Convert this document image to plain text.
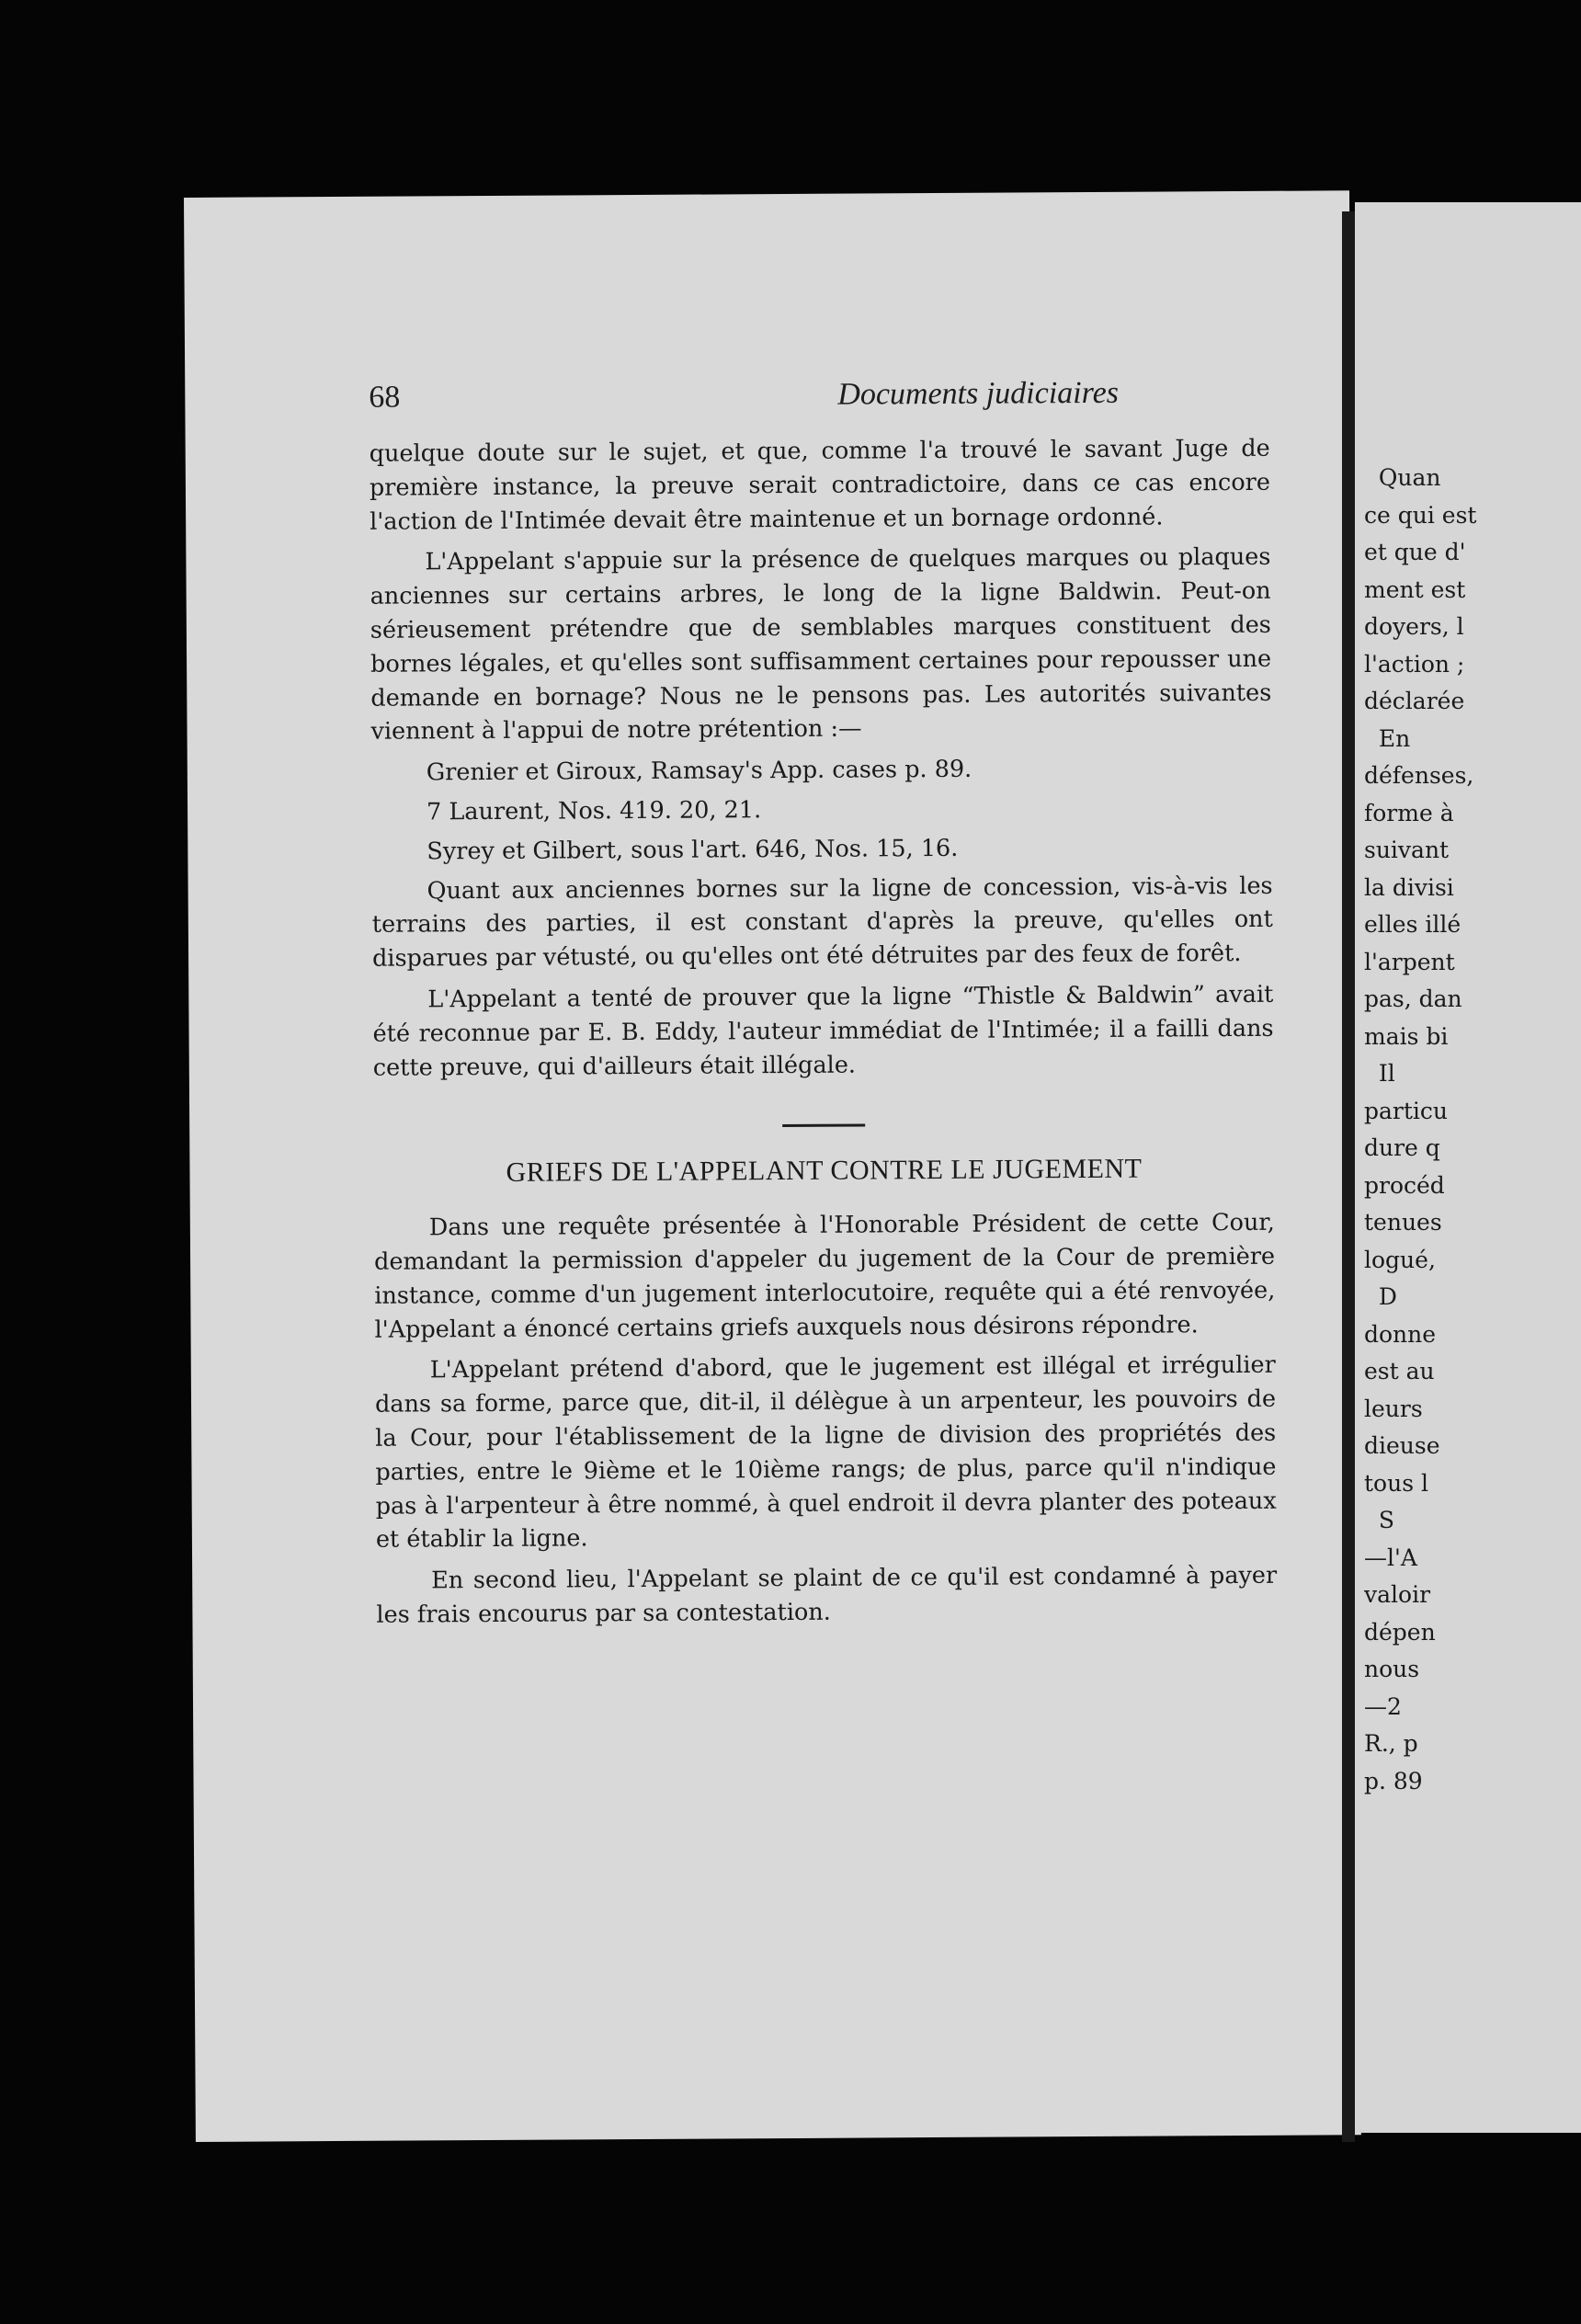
68	Documents judiciaires

quelque doute sur le sujet, et que, comme l'a trouvé le savant Juge de première instance, la preuve serait contradictoire, dans ce cas encore l'action de l'Intimée devait être maintenue et un bornage ordonné.

L'Appelant s'appuie sur la présence de quelques marques ou plaques anciennes sur certains arbres, le long de la ligne Baldwin. Peut-on sérieusement prétendre que de semblables marques constituent des bornes légales, et qu'elles sont suffisamment certaines pour repousser une demande en bornage? Nous ne le pensons pas. Les autorités suivantes viennent à l'appui de notre prétention :—

Grenier et Giroux, Ramsay's App. cases p. 89.

7 Laurent, Nos. 419. 20, 21.

Syrey et Gilbert, sous l'art. 646, Nos. 15, 16.

Quant aux anciennes bornes sur la ligne de concession, vis-à-vis les terrains des parties, il est constant d'après la preuve, qu'elles ont disparues par vétusté, ou qu'elles ont été détruites par des feux de forêt.

L'Appelant a tenté de prouver que la ligne “Thistle & Baldwin” avait été reconnue par E. B. Eddy, l'auteur immédiat de l'Intimée; il a failli dans cette preuve, qui d'ailleurs était illégale.

GRIEFS DE L'APPELANT CONTRE LE JUGEMENT

Dans une requête présentée à l'Honorable Président de cette Cour, demandant la permission d'appeler du jugement de la Cour de première instance, comme d'un jugement interlocutoire, requête qui a été renvoyée, l'Appelant a énoncé certains griefs auxquels nous désirons répondre.

L'Appelant prétend d'abord, que le jugement est illégal et irrégulier dans sa forme, parce que, dit-il, il délègue à un arpenteur, les pouvoirs de la Cour, pour l'établissement de la ligne de division des propriétés des parties, entre le 9ième et le 10ième rangs; de plus, parce qu'il n'indique pas à l'arpenteur à être nommé, à quel endroit il devra planter des poteaux et établir la ligne.

En second lieu, l'Appelant se plaint de ce qu'il est condamné à payer les frais encourus par sa contestation.

Quan
ce qui est
et que d'
ment est
doyers, l
l'action ;
déclarée
En
défenses,
forme à
suivant
la divisi
elles illé
l'arpent
pas, dan
mais bi
Il
particu
dure q
procéd
tenues
logué,
D
donne
est au
leurs
dieuse
tous l
S
—l'A
valoir
dépen
nous
—2
R., p
p. 89
